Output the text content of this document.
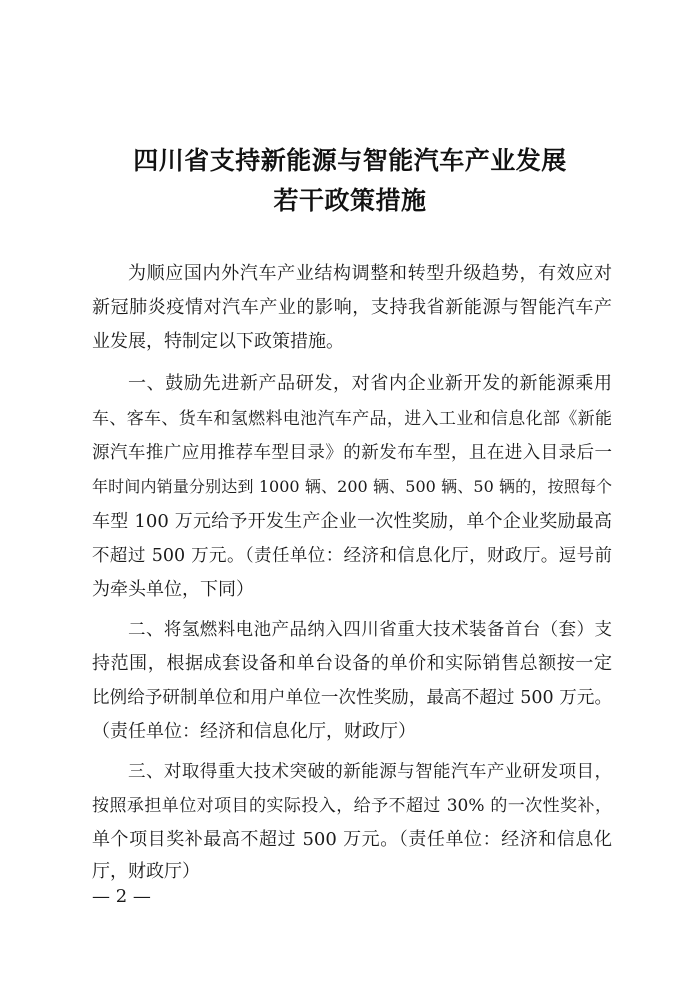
四川省支持新能源与智能汽车产业发展
若干政策措施
为顺应国内外汽车产业结构调整和转型升级趋势，有效应对
新冠肺炎疫情对汽车产业的影响，支持我省新能源与智能汽车产
业发展，特制定以下政策措施。
一、鼓励先进新产品研发，对省内企业新开发的新能源乘用
车、客车、货车和氢燃料电池汽车产品，进入工业和信息化部《新能
源汽车推广应用推荐车型目录》的新发布车型，且在进入目录后一
年时间内销量分别达到 1000 辆、200 辆、500 辆、50 辆的，按照每个
车型 100 万元给予开发生产企业一次性奖励，单个企业奖励最高
不超过 500 万元。（责任单位：经济和信息化厅，财政厅。逗号前
为牵头单位，下同）
二、将氢燃料电池产品纳入四川省重大技术装备首台（套）支
持范围，根据成套设备和单台设备的单价和实际销售总额按一定
比例给予研制单位和用户单位一次性奖励，最高不超过 500 万元。
（责任单位：经济和信息化厅，财政厅）
三、对取得重大技术突破的新能源与智能汽车产业研发项目，
按照承担单位对项目的实际投入，给予不超过 30% 的一次性奖补，
单个项目奖补最高不超过 500 万元。（责任单位：经济和信息化
厅，财政厅）
— 2 —
